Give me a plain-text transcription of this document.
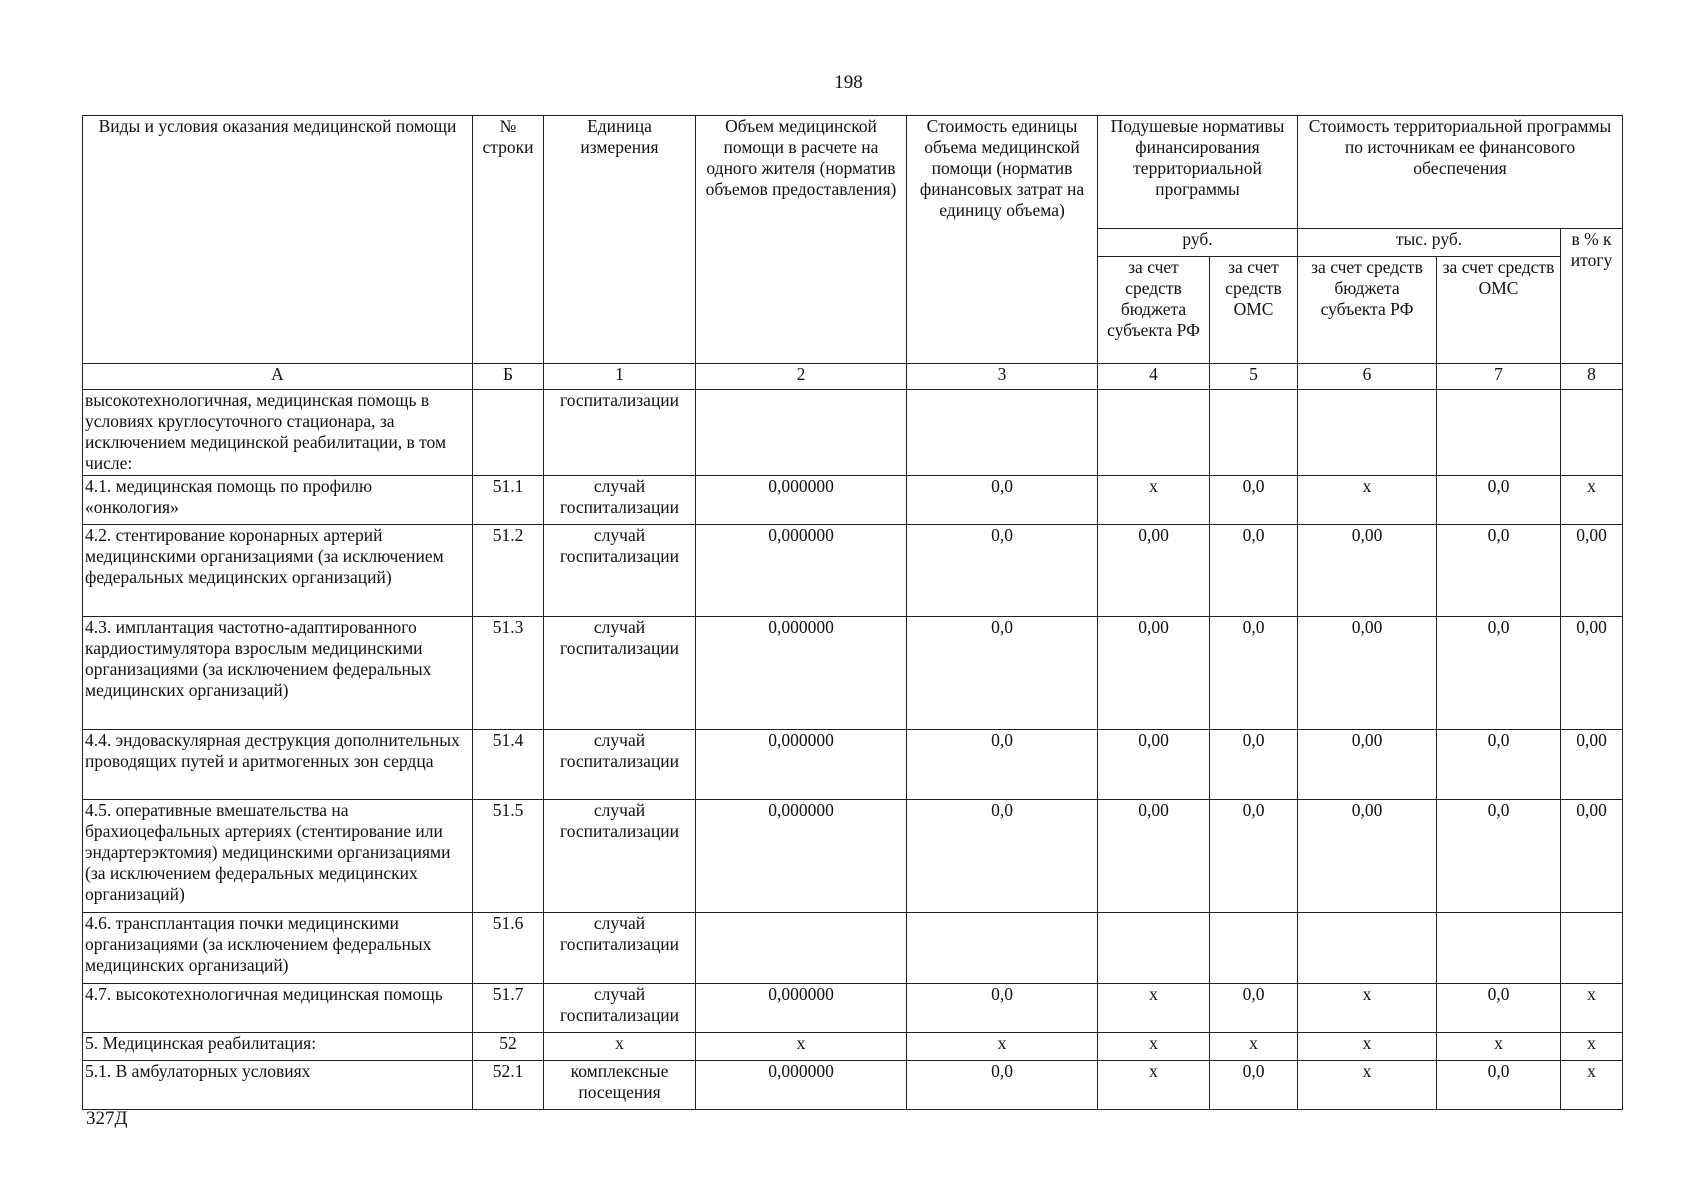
198
Виды и условия оказания медицинской помощи	№ строки	Единица измерения	Объем медицинской помощи в расчете на одного жителя (норматив объемов предоставления)	Стоимость единицы объема медицинской помощи (норматив финансовых затрат на единицу объема)	Подушевые нормативы финансирования территориальной программы		Стоимость территориальной программы по источникам ее финансового обеспечения		
					руб.		тыс. руб.		в % к итогу
					за счет средств бюджета субъекта РФ	за счет средств ОМС	за счет средств бюджета субъекта РФ	за счет средств ОМС	
А	Б	1	2	3	4	5	6	7	8
высокотехнологичная, медицинская помощь в условиях круглосуточного стационара, за исключением медицинской реабилитации, в том числе:		госпитализации							
4.1. медицинская помощь по профилю «онкология»	51.1	случай госпитализации	0,000000	0,0	x	0,0	x	0,0	x
4.2. стентирование коронарных артерий медицинскими организациями (за исключением федеральных медицинских организаций)	51.2	случай госпитализации	0,000000	0,0	0,00	0,0	0,00	0,0	0,00
4.3. имплантация частотно-адаптированного кардиостимулятора взрослым медицинскими организациями (за исключением федеральных медицинских организаций)	51.3	случай госпитализации	0,000000	0,0	0,00	0,0	0,00	0,0	0,00
4.4. эндоваскулярная деструкция дополнительных проводящих путей и аритмогенных зон сердца	51.4	случай госпитализации	0,000000	0,0	0,00	0,0	0,00	0,0	0,00
4.5. оперативные вмешательства на брахиоцефальных артериях (стентирование или эндартерэктомия) медицинскими организациями (за исключением федеральных медицинских организаций)	51.5	случай госпитализации	0,000000	0,0	0,00	0,0	0,00	0,0	0,00
4.6. трансплантация почки медицинскими организациями (за исключением федеральных медицинских организаций)	51.6	случай госпитализации							
4.7. высокотехнологичная медицинская помощь	51.7	случай госпитализации	0,000000	0,0	x	0,0	x	0,0	x
5. Медицинская реабилитация:	52	x	x	x	x	x	x	x	x
5.1. В амбулаторных условиях	52.1	комплексные посещения	0,000000	0,0	x	0,0	x	0,0	x
327Д
